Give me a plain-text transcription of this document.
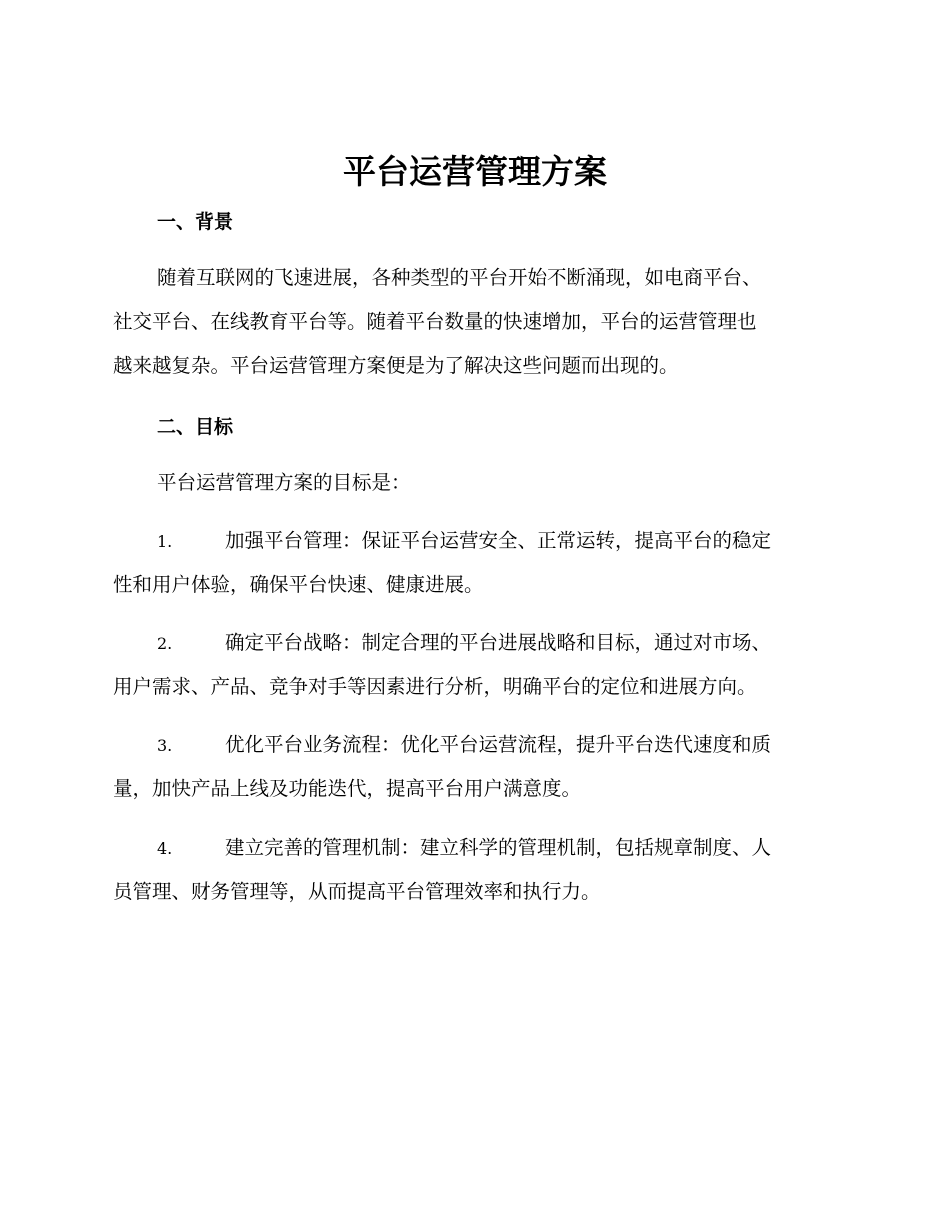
平台运营管理方案
一、背景
随着互联网的飞速进展，各种类型的平台开始不断涌现，如电商平台、
社交平台、在线教育平台等。随着平台数量的快速增加，平台的运营管理也
越来越复杂。平台运营管理方案便是为了解决这些问题而出现的。
二、目标
平台运营管理方案的目标是：
1.	加强平台管理：保证平台运营安全、正常运转，提高平台的稳定
性和用户体验，确保平台快速、健康进展。
2.	确定平台战略：制定合理的平台进展战略和目标，通过对市场、
用户需求、产品、竞争对手等因素进行分析，明确平台的定位和进展方向。
3.	优化平台业务流程：优化平台运营流程，提升平台迭代速度和质
量，加快产品上线及功能迭代，提高平台用户满意度。
4.	建立完善的管理机制：建立科学的管理机制，包括规章制度、人
员管理、财务管理等，从而提高平台管理效率和执行力。
